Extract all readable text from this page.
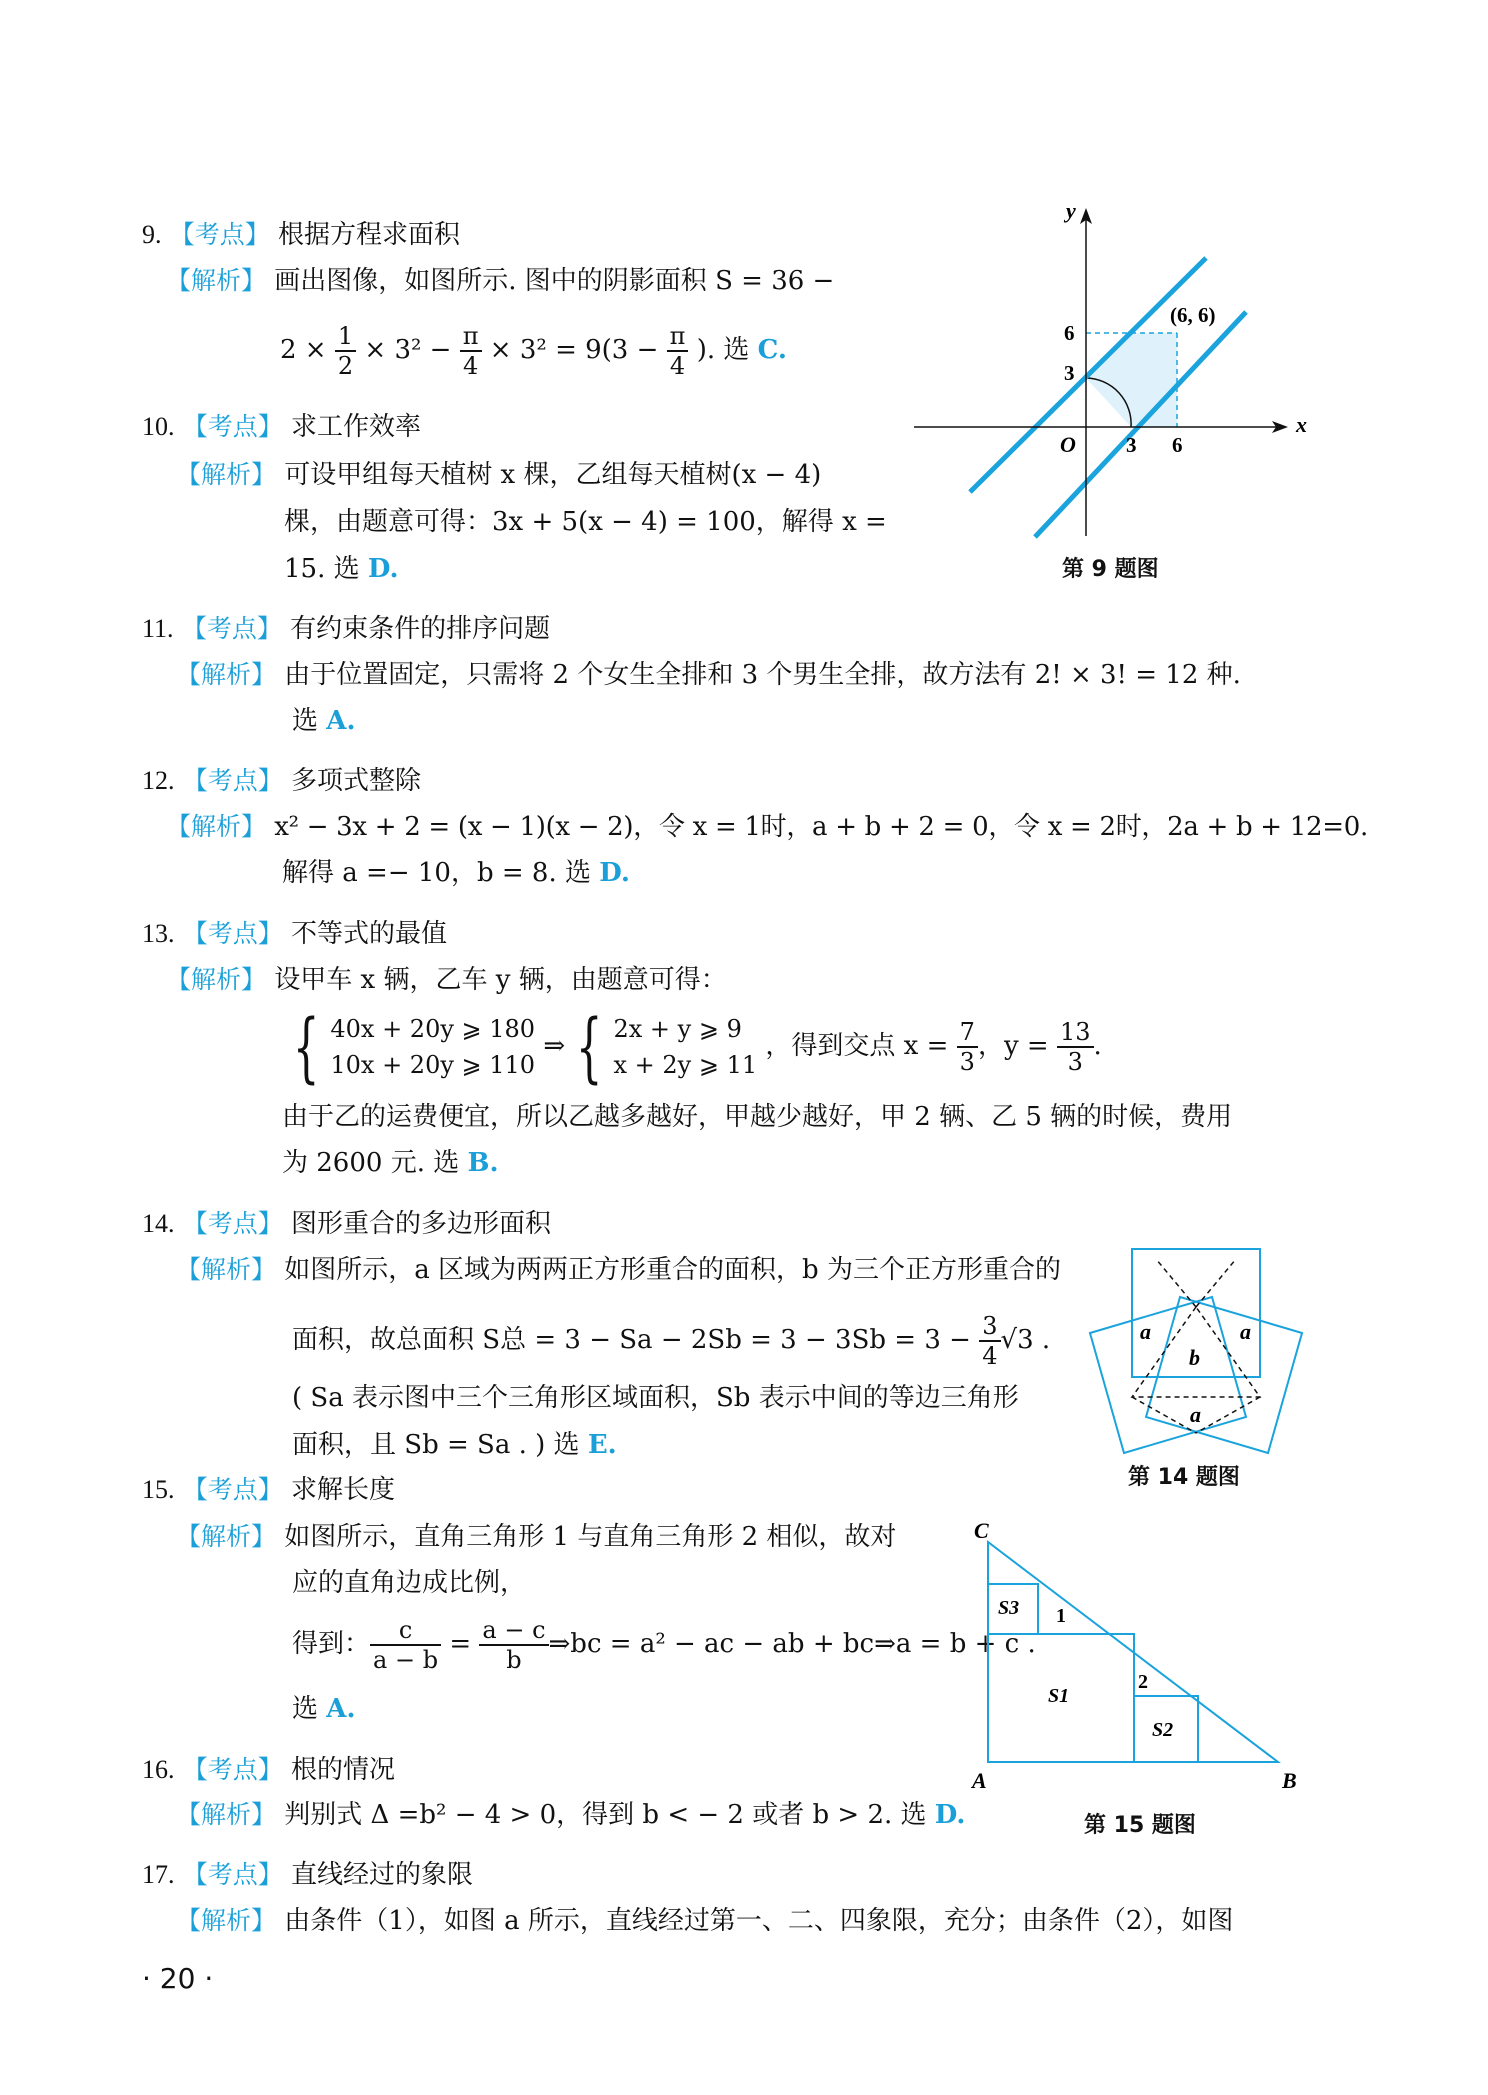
9. 【考点】 根据方程求面积
【解析】 画出图像，如图所示. 图中的阴影面积 S = 36 −
$2 \times \frac{1}{2} \times 3^2 - \frac{\pi}{4} \times 3^2 = 9(3 - \frac{\pi}{4}$ ). 选 C.
x
y
O
6
3
3 6
(6, 6)
第 9 题图
10. 【考点】 求工作效率
【解析】 可设甲组每天植树 x 棵，乙组每天植树(x − 4)
棵，由题意可得：3x + 5(x − 4) = 100，解得 x =
15. 选 D.
11. 【考点】 有约束条件的排序问题
【解析】 由于位置固定，只需将 2 个女生全排和 3 个男生全排，故方法有 2! × 3! = 12 种.
选 A.
12. 【考点】 多项式整除
【解析】 x² − 3x + 2 = (x − 1)(x − 2)，令 x = 1时，a + b + 2 = 0，令 x = 2时，2a + b + 12=0.
解得 a =− 10，b = 8. 选 D.
13. 【考点】 不等式的最值
【解析】 设甲车 x 辆，乙车 y 辆，由题意可得：
{ 40x + 20y ⩾ 180
10x + 20y ⩾ 110
⇒ { 2x + y ⩾ 9
x + 2y ⩾ 11
，得到交点 $x = \frac{7}{3}$ ，$y = \frac{13}{3}$ .
由于乙的运费便宜，所以乙越多越好，甲越少越好，甲 2 辆、乙 5 辆的时候，费用
为 2600 元. 选 B.
14. 【考点】 图形重合的多边形面积
【解析】 如图所示，a 区域为两两正方形重合的面积，b 为三个正方形重合的
面积，故总面积 S总 = $3 - Sa - 2Sb = 3 - 3Sb = 3 - \frac{3}{4} √3$ .
( Sa 表示图中三个三角形区域面积，Sb 表示中间的等边三角形
面积，且 Sb = Sa . ) 选 E.
a	a
a
b
第 14 题图
15. 【考点】 求解长度
【解析】 如图所示，直角三角形 1 与直角三角形 2 相似，故对
应的直角边成比例，
得到： $\frac{c}{a - b} = \frac{a - c}{b}$ ⇒bc = a² − ac − ab + bc⇒a = b + c .
选 A.
C
A	B
S1
S2
S3 1
2
第 15 题图
16. 【考点】 根的情况
【解析】 判别式 Δ =b² − 4 > 0，得到 b < − 2 或者 b > 2. 选 D.
17. 【考点】 直线经过的象限
【解析】 由条件（1），如图 a 所示，直线经过第一、二、四象限，充分；由条件（2），如图
· 20 ·
